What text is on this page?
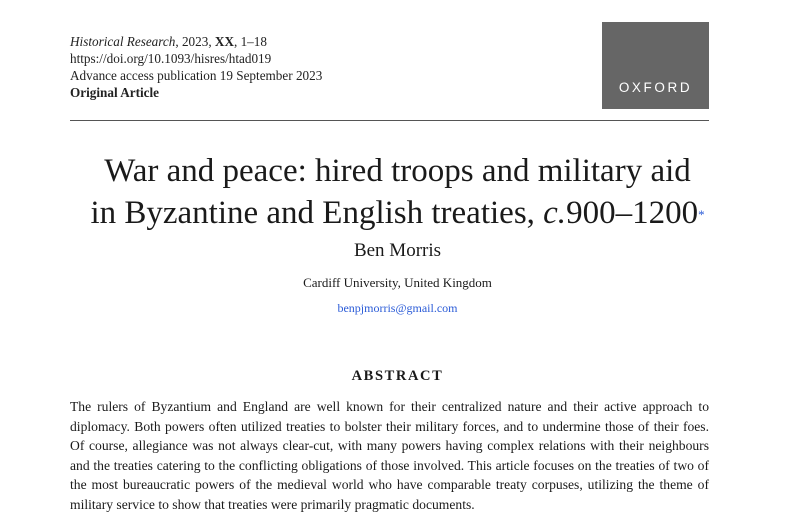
Historical Research, 2023, XX, 1–18
https://doi.org/10.1093/hisres/htad019
Advance access publication 19 September 2023
Original Article	OXFORD
War and peace: hired troops and military aid
in Byzantine and English treaties, c.900–1200*
Ben Morris
Cardiff University, United Kingdom
benpjmorris@gmail.com
ABSTRACT

The rulers of Byzantium and England are well known for their centralized nature and their active approach to diplomacy. Both powers often utilized treaties to bolster their military forces, and to undermine those of their foes. Of course, allegiance was not always clear-cut, with many powers having complex relations with their neighbours and the treaties catering to the conflicting obligations of those involved. This article focuses on the treaties of two of the most bureaucratic powers of the medieval world who have comparable treaty corpuses, utilizing the theme of military service to show that treaties were primarily pragmatic documents.
